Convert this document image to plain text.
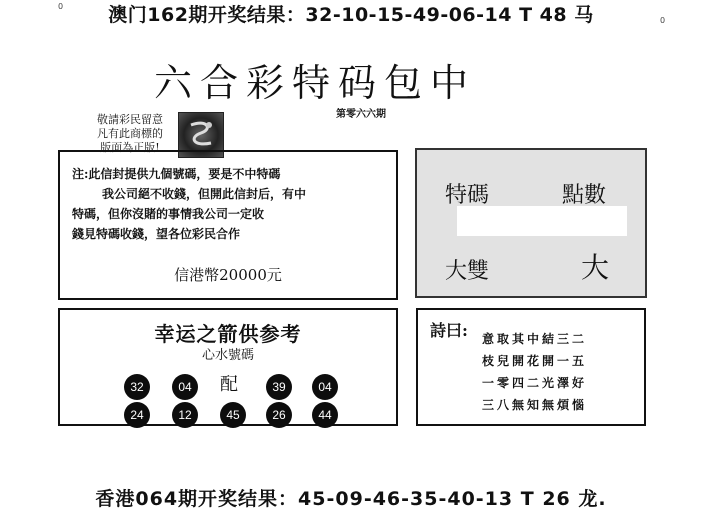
0
0
澳门162期开奖结果：32-10-15-49-06-14 T 48 马
六合彩特码包中
第零六六期
敬請彩民留意
凡有此商標的
版面為正版!
注:此信封提供九個號碼，要是不中特碼
我公司絕不收錢，但開此信封后，有中
特碼，但你沒賭的事情我公司一定收
錢見特碼收錢，望各位彩民合作
信港幣20000元
特碼	點數
大雙	大
幸运之箭供参考
心水號碼
32	04	配	39	04
24	12	45	26	44
詩曰: 意取其中結三二
枝兒開花開一五
一零四二光澤好
三八無知無煩惱
香港064期开奖结果：45-09-46-35-40-13 T 26 龙.
